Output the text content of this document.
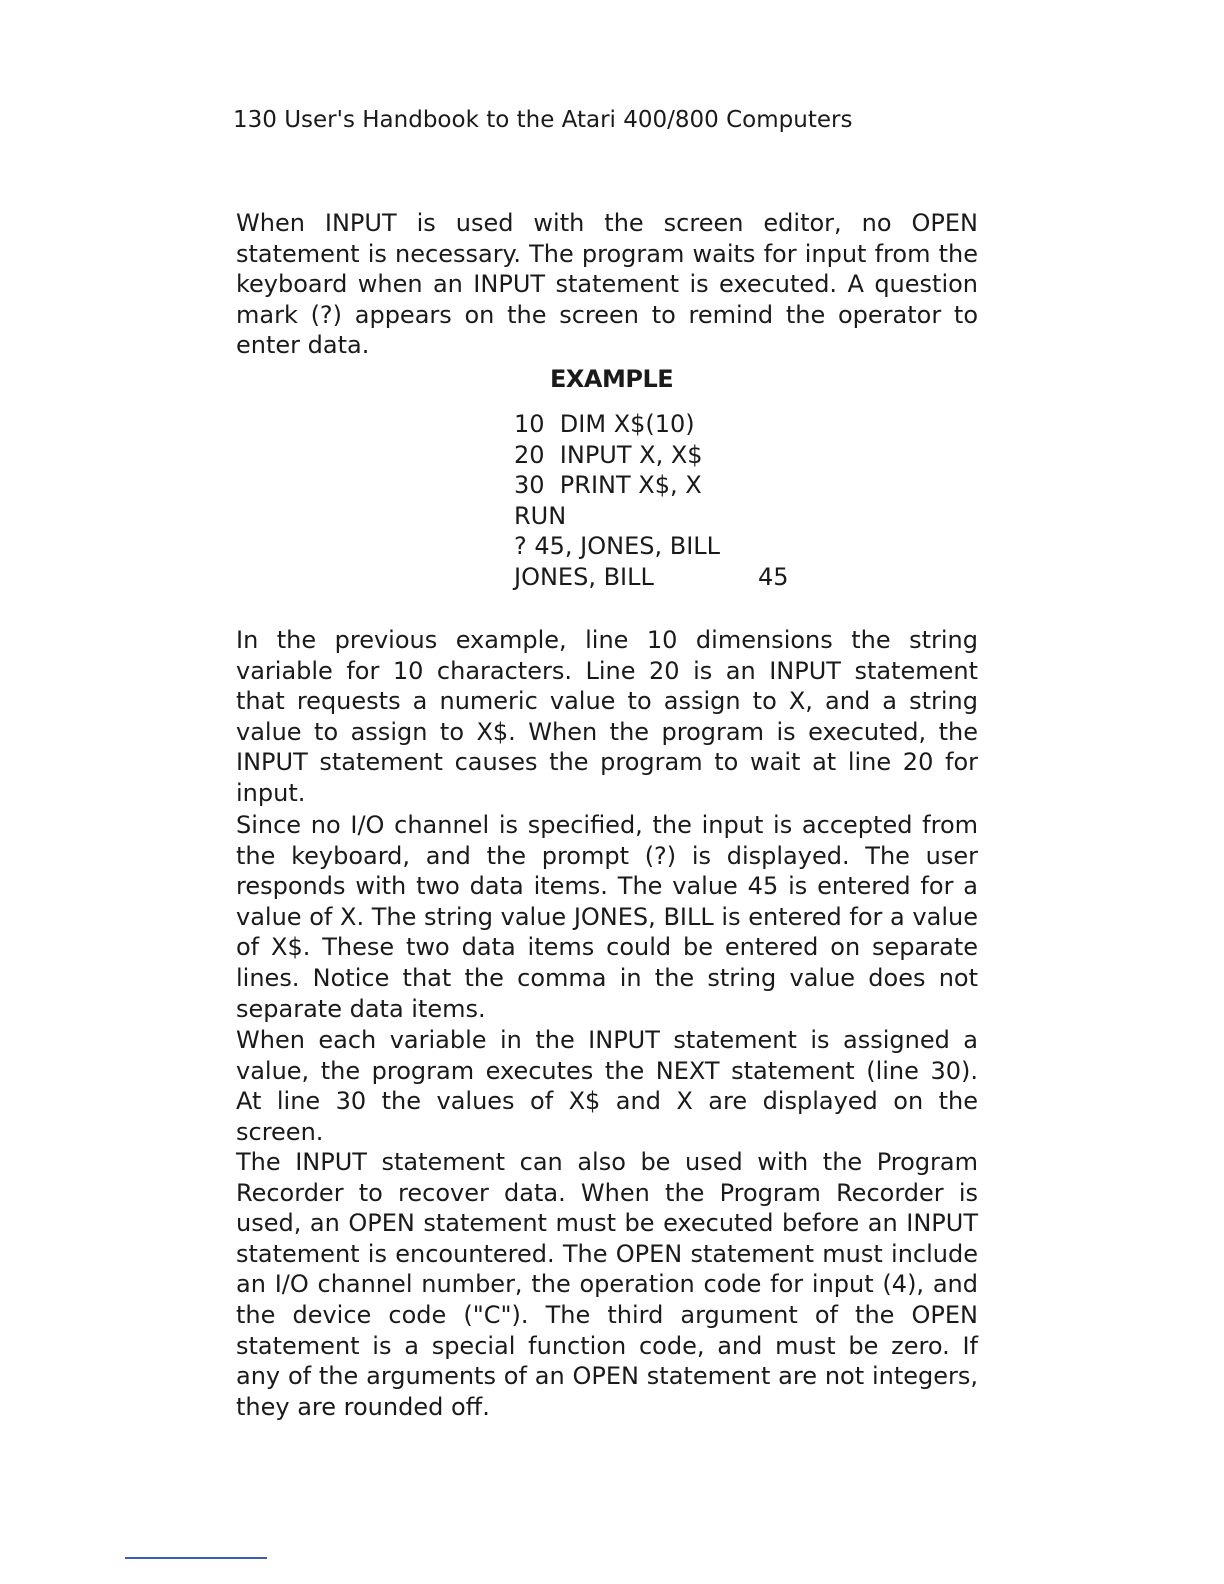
130 User's Handbook to the Atari 400/800 Computers

When INPUT is used with the screen editor, no OPEN statement is necessary. The program waits for input from the keyboard when an INPUT statement is executed. A question mark (?) appears on the screen to remind the operator to enter data.

EXAMPLE
10  DIM X$(10)
20  INPUT X, X$
30  PRINT X$, X
RUN
? 45, JONES, BILL
JONES, BILL	45

In the previous example, line 10 dimensions the string variable for 10 characters. Line 20 is an INPUT statement that requests a numeric value to assign to X, and a string value to assign to X$. When the program is executed, the INPUT statement causes the program to wait at line 20 for input.

Since no I/O channel is specified, the input is accepted from the keyboard, and the prompt (?) is displayed. The user responds with two data items. The value 45 is entered for a value of X. The string value JONES, BILL is entered for a value of X$. These two data items could be entered on separate lines. Notice that the comma in the string value does not separate data items.

When each variable in the INPUT statement is assigned a value, the program executes the NEXT statement (line 30). At line 30 the values of X$ and X are displayed on the screen.

The INPUT statement can also be used with the Program Recorder to recover data. When the Program Recorder is used, an OPEN statement must be executed before an INPUT statement is encountered. The OPEN statement must include an I/O channel number, the operation code for input (4), and the device code ("C"). The third argument of the OPEN statement is a special function code, and must be zero. If any of the arguments of an OPEN statement are not integers, they are rounded off.
